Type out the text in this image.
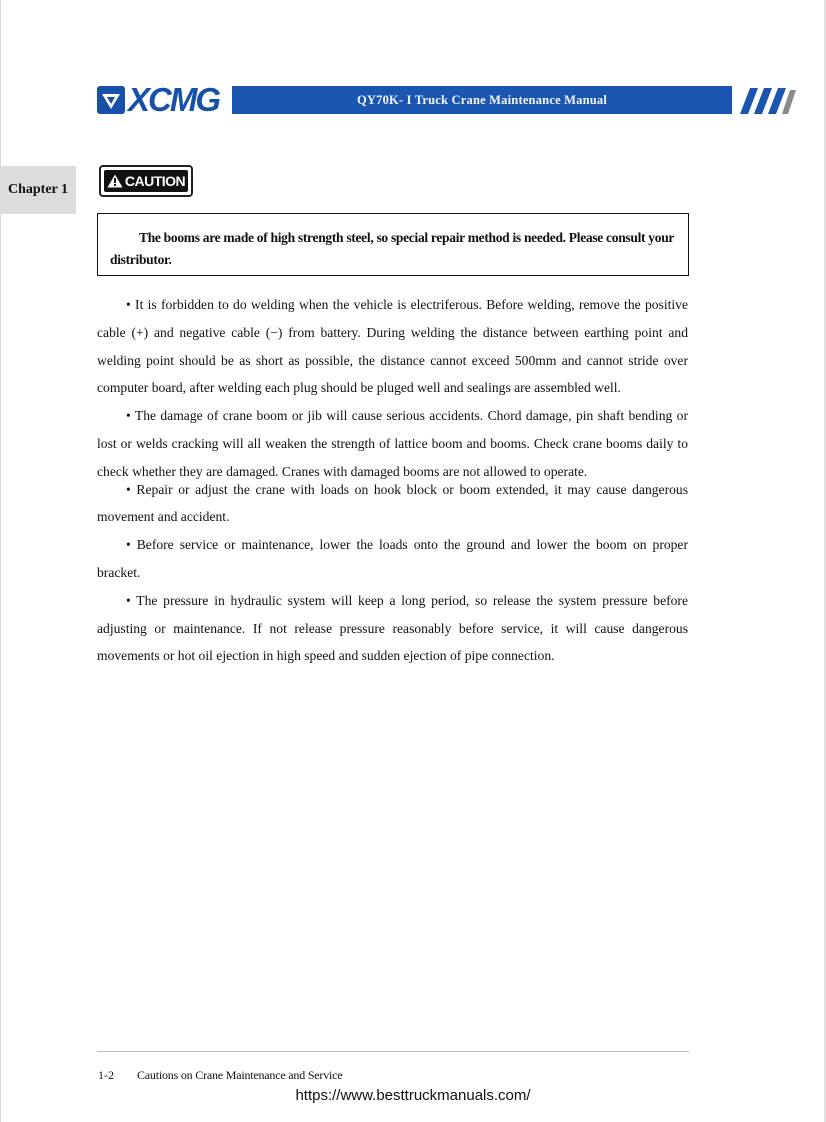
XCMG	QY70K- I Truck Crane Maintenance Manual
Chapter 1
CAUTION
The booms are made of high strength steel, so special repair method is needed. Please consult your distributor.

• It is forbidden to do welding when the vehicle is electriferous. Before welding, remove the positive cable (+) and negative cable (−) from battery. During welding the distance between earthing point and welding point should be as short as possible, the distance cannot exceed 500mm and cannot stride over computer board, after welding each plug should be pluged well and sealings are assembled well.

• The damage of crane boom or jib will cause serious accidents. Chord damage, pin shaft bending or lost or welds cracking will all weaken the strength of lattice boom and booms. Check crane booms daily to check whether they are damaged. Cranes with damaged booms are not allowed to operate.

• Repair or adjust the crane with loads on hook block or boom extended, it may cause dangerous movement and accident.

• Before service or maintenance, lower the loads onto the ground and lower the boom on proper bracket.

• The pressure in hydraulic system will keep a long period, so release the system pressure before adjusting or maintenance. If not release pressure reasonably before service, it will cause dangerous movements or hot oil ejection in high speed and sudden ejection of pipe connection.

1-2 Cautions on Crane Maintenance and Service
https://www.besttruckmanuals.com/
